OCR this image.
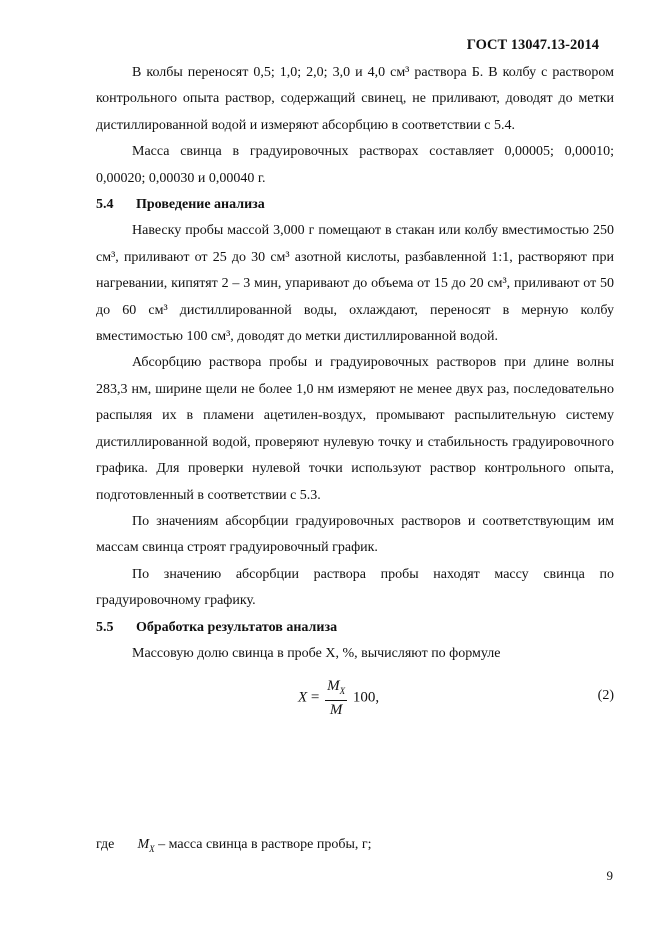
ГОСТ 13047.13-2014

В колбы переносят 0,5; 1,0; 2,0; 3,0 и 4,0 см³ раствора Б. В колбу с раствором контрольного опыта раствор, содержащий свинец, не приливают, доводят до метки дистиллированной водой и измеряют абсорбцию в соответствии с 5.4.

Масса свинца в градуировочных растворах составляет 0,00005; 0,00010; 0,00020; 0,00030 и 0,00040 г.

5.4 Проведение анализа

Навеску пробы массой 3,000 г помещают в стакан или колбу вместимостью 250 см³, приливают от 25 до 30 см³ азотной кислоты, разбавленной 1:1, растворяют при нагревании, кипятят 2 – 3 мин, упаривают до объема от 15 до 20 см³, приливают от 50 до 60 см³ дистиллированной воды, охлаждают, переносят в мерную колбу вместимостью 100 см³, доводят до метки дистиллированной водой.

Абсорбцию раствора пробы и градуировочных растворов при длине волны 283,3 нм, ширине щели не более 1,0 нм измеряют не менее двух раз, последовательно распыляя их в пламени ацетилен-воздух, промывают распылительную систему дистиллированной водой, проверяют нулевую точку и стабильность градуировочного графика. Для проверки нулевой точки используют раствор контрольного опыта, подготовленный в соответствии с 5.3.

По значениям абсорбции градуировочных растворов и соответствующим им массам свинца строят градуировочный график.

По значению абсорбции раствора пробы находят массу свинца по градуировочному графику.

5.5 Обработка результатов анализа

Массовую долю свинца в пробе X, %, вычисляют по формуле

$X = \frac{M_X}{M} 100$,	(2)
где $M_X$ – масса свинца в растворе пробы, г;
9
